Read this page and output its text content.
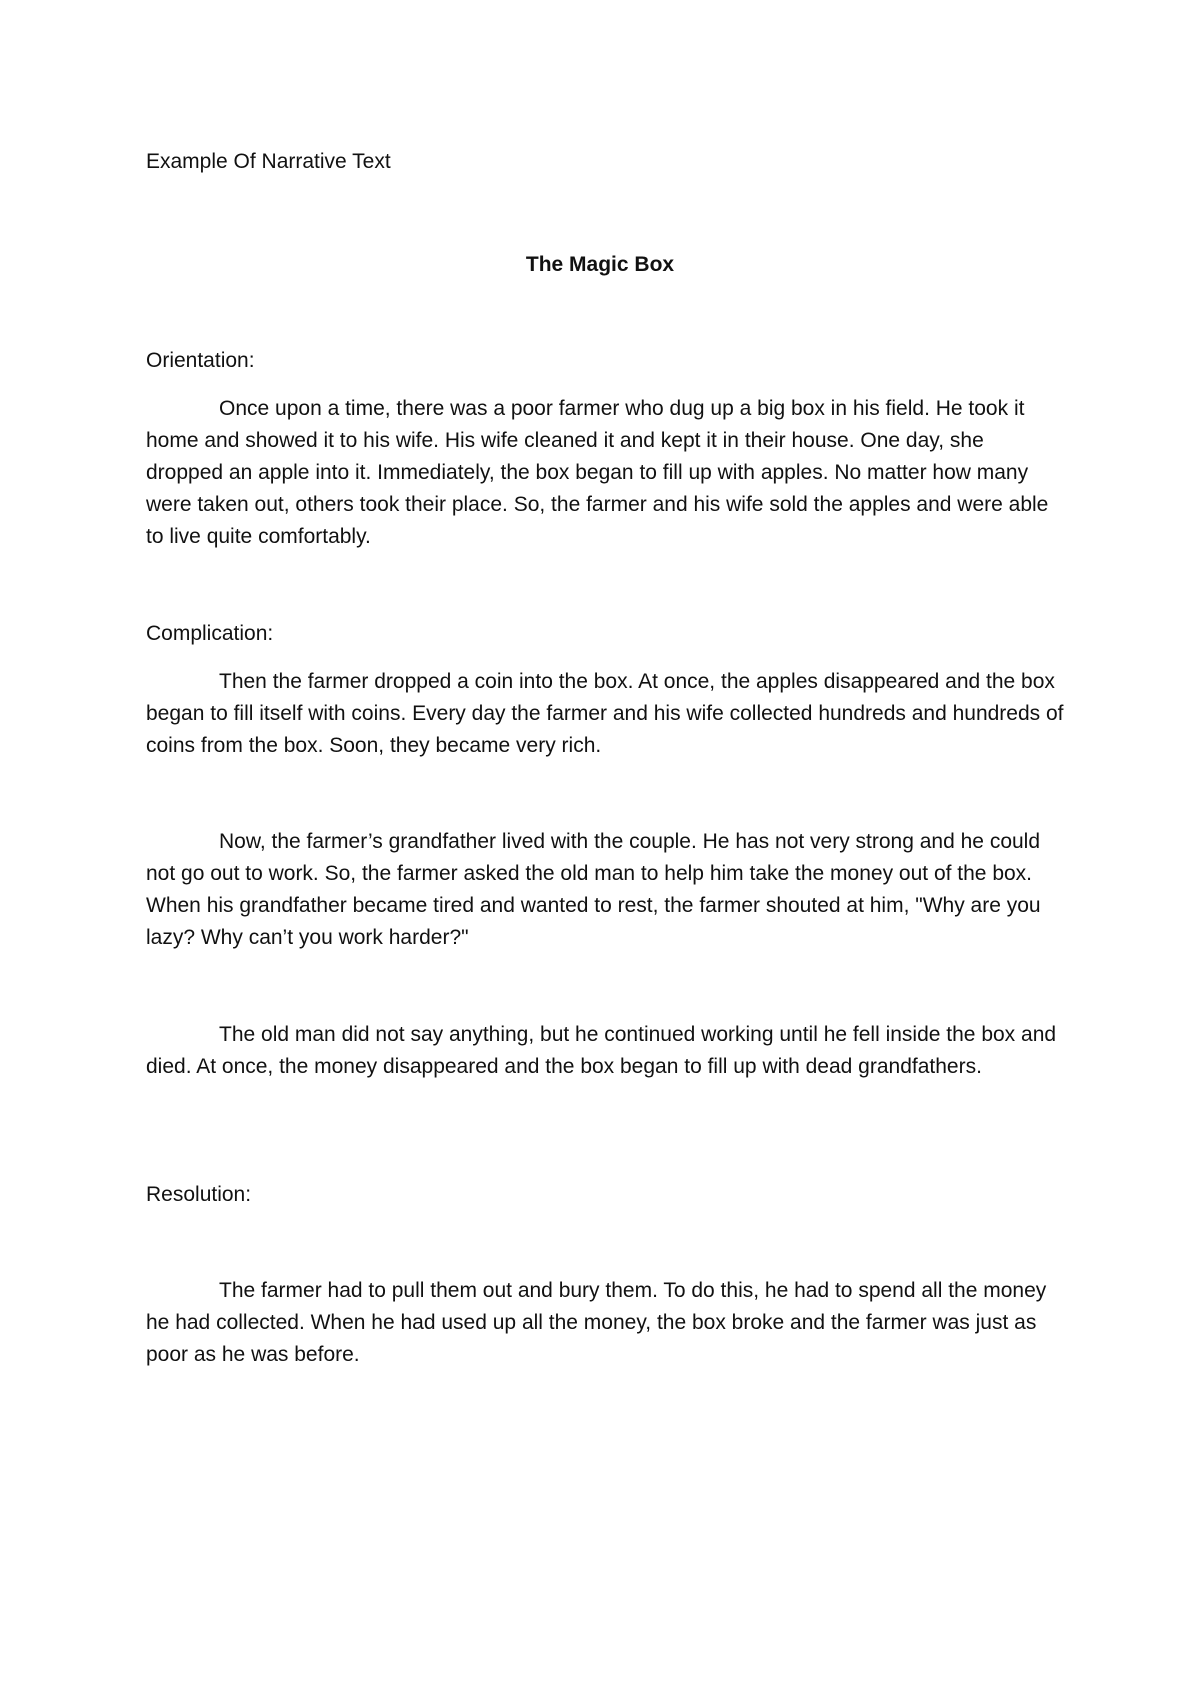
Example Of Narrative Text

The Magic Box

Orientation:

Once upon a time, there was a poor farmer who dug up a big box in his field. He took it home and showed it to his wife. His wife cleaned it and kept it in their house. One day, she dropped an apple into it. Immediately, the box began to fill up with apples. No matter how many were taken out, others took their place. So, the farmer and his wife sold the apples and were able to live quite comfortably.

Complication:

Then the farmer dropped a coin into the box. At once, the apples disappeared and the box began to fill itself with coins. Every day the farmer and his wife collected hundreds and hundreds of coins from the box. Soon, they became very rich.

Now, the farmer’s grandfather lived with the couple. He has not very strong and he could not go out to work. So, the farmer asked the old man to help him take the money out of the box. When his grandfather became tired and wanted to rest, the farmer shouted at him, "Why are you lazy? Why can’t you work harder?"

The old man did not say anything, but he continued working until he fell inside the box and died. At once, the money disappeared and the box began to fill up with dead grandfathers.

Resolution:

The farmer had to pull them out and bury them. To do this, he had to spend all the money he had collected. When he had used up all the money, the box broke and the farmer was just as poor as he was before.
